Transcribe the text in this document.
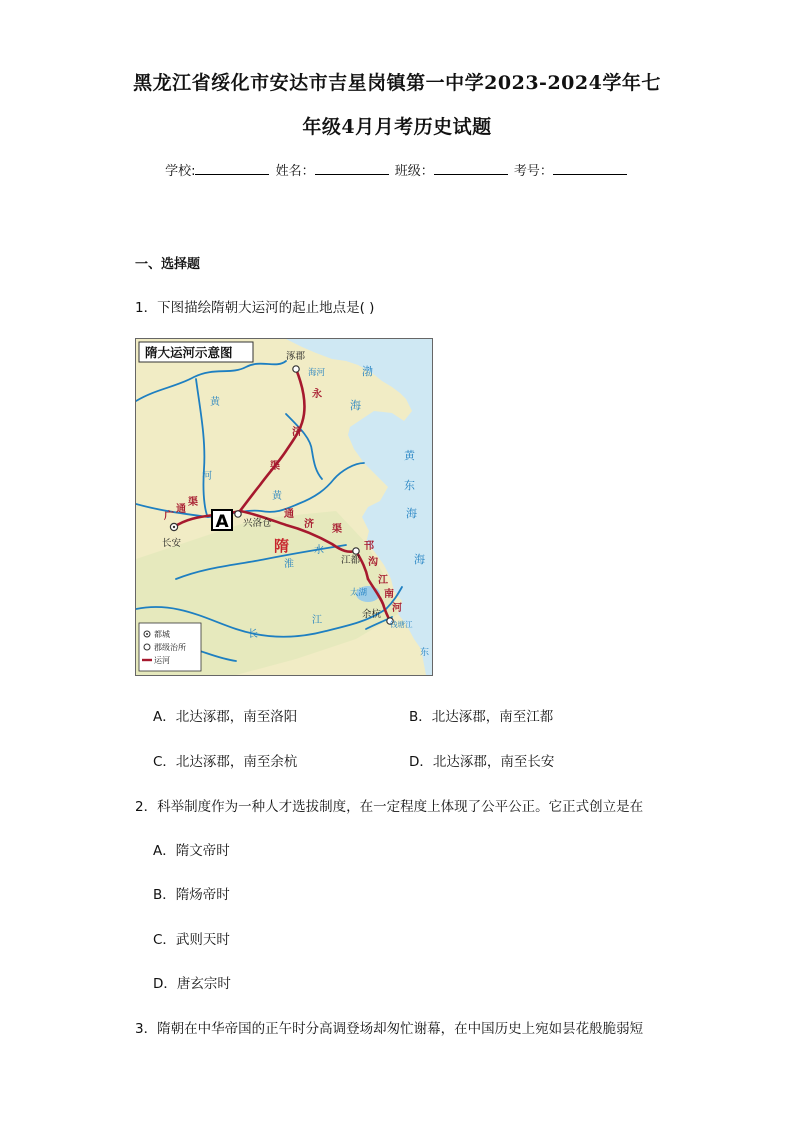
黑龙江省绥化市安达市吉星岗镇第一中学2023-2024学年七
年级4月月考历史试题
学校:	姓名：	班级：	考号：
一、选择题
1．下图描绘隋朝大运河的起止地点是( )
隋大运河示意图
A
涿郡
长安
兴洛仓
江都
余杭
永
济
渠
广
通
渠
通
济 渠
邗
沟
江
南
河
渤
海
黄
东
海
海
东
海河
黄
河
黄
淮
水
长
江
太湖
钱塘江
隋
都城
郡级治所
运河
A．北达涿郡，南至洛阳	B．北达涿郡，南至江都
C．北达涿郡，南至余杭	D．北达涿郡，南至长安
2．科举制度作为一种人才选拔制度，在一定程度上体现了公平公正。它正式创立是在
A．隋文帝时
B．隋炀帝时
C．武则天时
D．唐玄宗时
3．隋朝在中华帝国的正午时分高调登场却匆忙谢幕，在中国历史上宛如昙花般脆弱短
